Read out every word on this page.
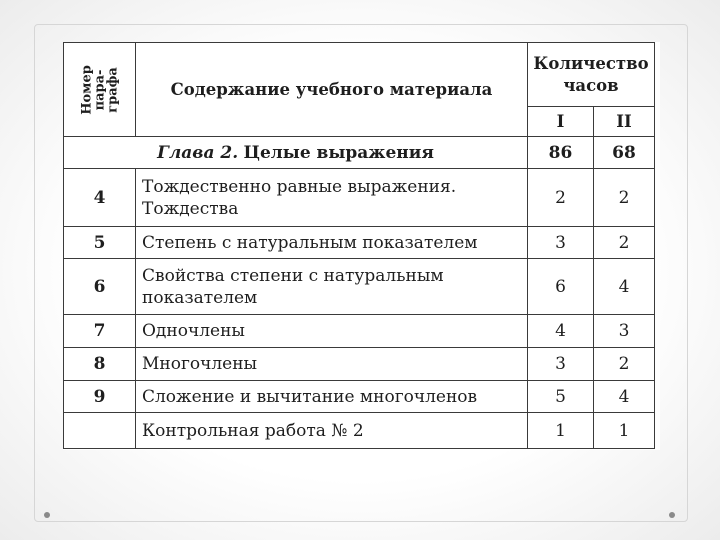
Номер
пара-
графа	Содержание учебного материала	Количество часов	
		I	II
Глава 2. Целые выражения		86	68
4	Тождественно равные выражения. Тождества	2	2
5	Степень с натуральным показателем	3	2
6	Свойства степени с натуральным показателем	6	4
7	Одночлены	4	3
8	Многочлены	3	2
9	Сложение и вычитание многочленов	5	4
	Контрольная работа № 2	1	1
